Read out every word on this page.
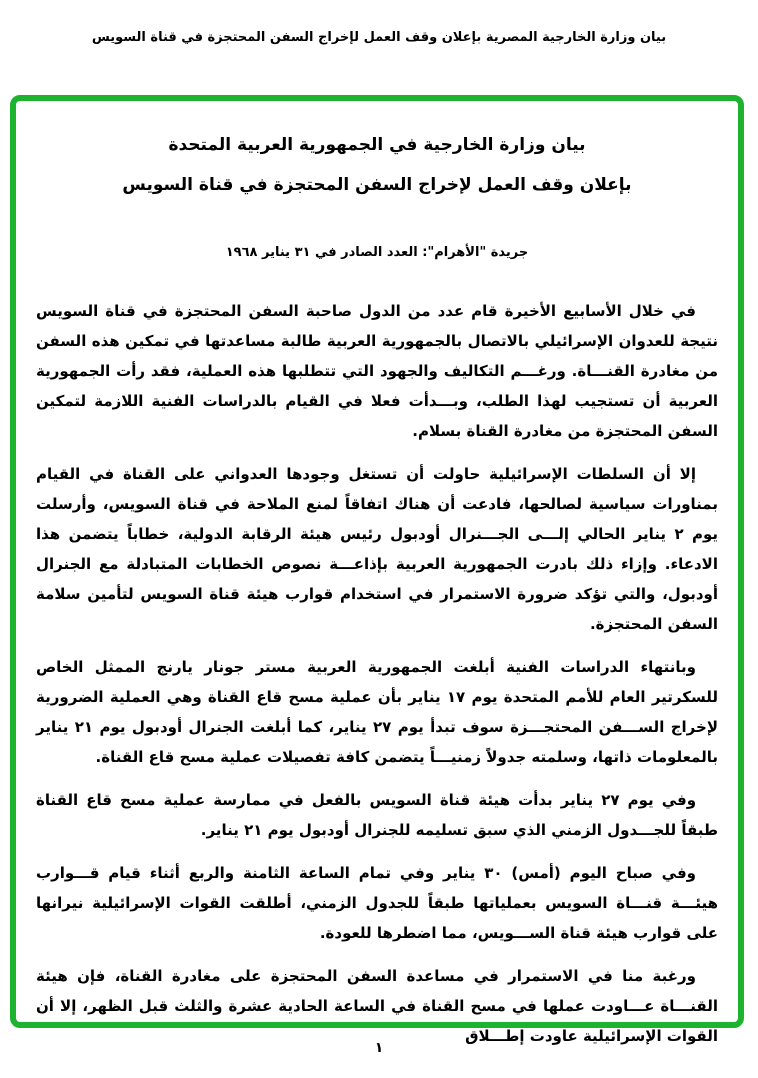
بيان وزارة الخارجية المصرية بإعلان وقف العمل لإخراج السفن المحتجزة في قناة السويس
بيان وزارة الخارجية في الجمهورية العربية المتحدة
بإعلان وقف العمل لإخراج السفن المحتجزة في قناة السويس
جريدة "الأهرام": العدد الصادر في ٣١ يناير ١٩٦٨

في خلال الأسابيع الأخيرة قام عدد من الدول صاحبة السفن المحتجزة في قناة السويس نتيجة للعدوان الإسرائيلي بالاتصال بالجمهورية العربية طالبة مساعدتها في تمكين هذه السفن من مغادرة القنـــاة. ورغـــم التكاليف والجهود التي تتطلبها هذه العملية، فقد رأت الجمهورية العربية أن تستجيب لهذا الطلب، وبـــدأت فعلا في القيام بالدراسات الفنية اللازمة لتمكين السفن المحتجزة من مغادرة القناة بسلام.

إلا أن السلطات الإسرائيلية حاولت أن تستغل وجودها العدواني على القناة في القيام بمناورات سياسية لصالحها، فادعت أن هناك اتفاقاً لمنع الملاحة في قناة السويس، وأرسلت يوم ٢ يناير الحالي إلـــى الجـــنرال أودبول رئيس هيئة الرقابة الدولية، خطاباً يتضمن هذا الادعاء. وإزاء ذلك بادرت الجمهورية العربية بإذاعـــة نصوص الخطابات المتبادلة مع الجنرال أودبول، والتي تؤكد ضرورة الاستمرار في استخدام قوارب هيئة قناة السويس لتأمين سلامة السفن المحتجزة.

وبانتهاء الدراسات الفنية أبلغت الجمهورية العربية مستر جونار يارنج الممثل الخاص للسكرتير العام للأمم المتحدة يوم ١٧ يناير بأن عملية مسح قاع القناة وهي العملية الضرورية لإخراج الســـفن المحتجـــزة سوف تبدأ يوم ٢٧ يناير، كما أبلغت الجنرال أودبول يوم ٢١ يناير بالمعلومات ذاتها، وسلمته جدولاً زمنيـــاً يتضمن كافة تفصيلات عملية مسح قاع القناة.

وفي يوم ٢٧ يناير بدأت هيئة قناة السويس بالفعل في ممارسة عملية مسح قاع القناة طبقاً للجـــدول الزمني الذي سبق تسليمه للجنرال أودبول يوم ٢١ يناير.

وفي صباح اليوم (أمس) ٣٠ يناير وفي تمام الساعة الثامنة والربع أثناء قيام قـــوارب هيئـــة قنـــاة السويس بعملياتها طبقاً للجدول الزمني، أطلقت القوات الإسرائيلية نيرانها على قوارب هيئة قناة الســـويس، مما اضطرها للعودة.

ورغبة منا في الاستمرار في مساعدة السفن المحتجزة على مغادرة القناة، فإن هيئة القنـــاة عـــاودت عملها في مسح القناة في الساعة الحادية عشرة والثلث قبل الظهر، إلا أن القوات الإسرائيلية عاودت إطـــلاق

١
